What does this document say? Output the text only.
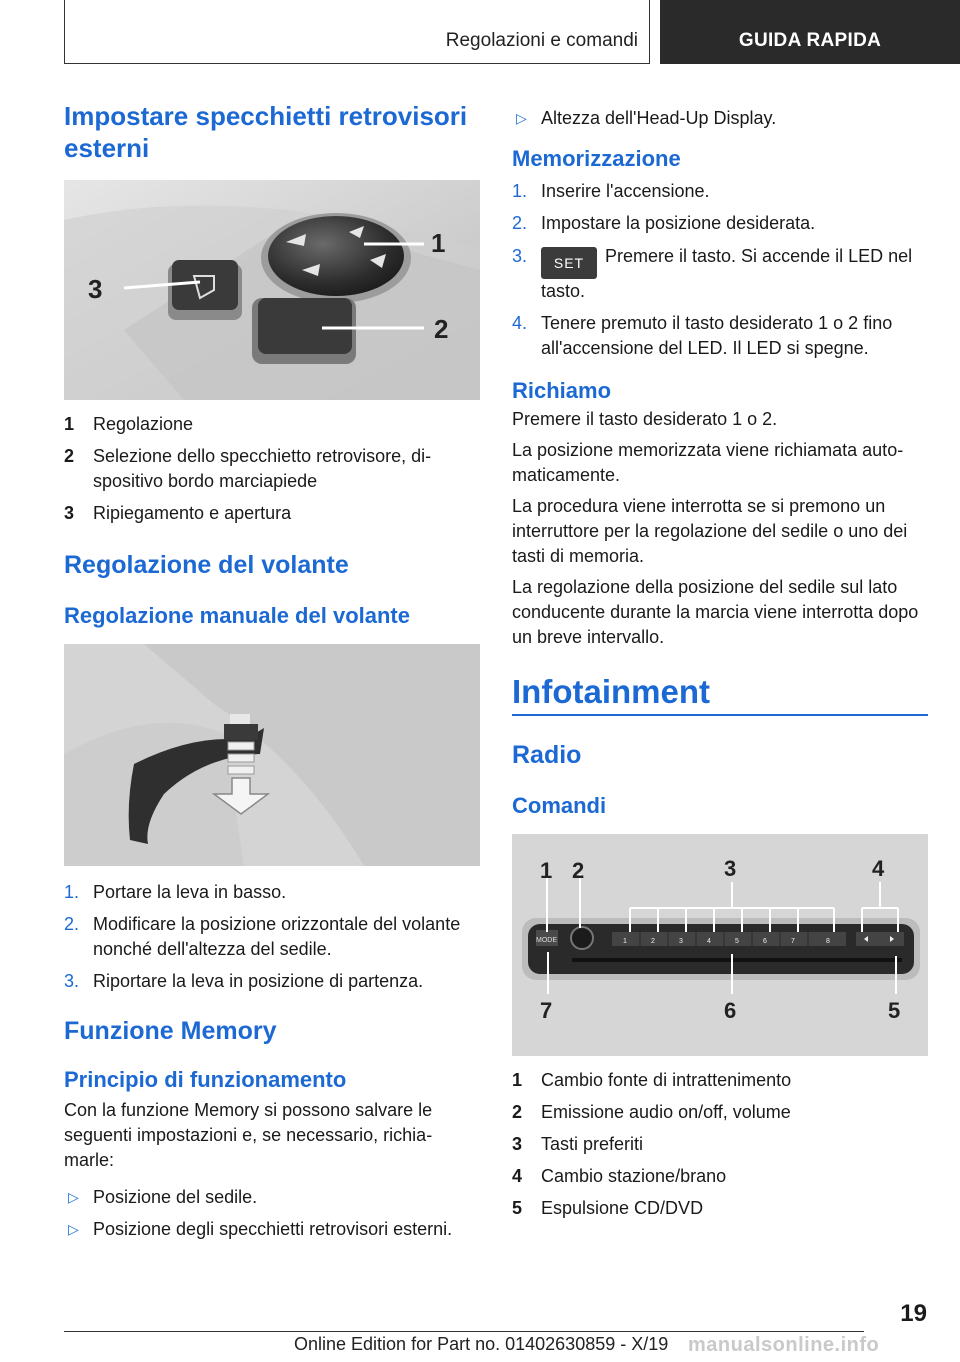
Regolazioni e comandi	GUIDA RAPIDA
Impostare specchietti retrovisori esterni
1
2
3
1	Regolazione
2	Selezione dello specchietto retrovisore, di-spositivo bordo marciapiede
3	Ripiegamento e apertura
Regolazione del volante
Regolazione manuale del volante
1. Portare la leva in basso.
2. Modificare la posizione orizzontale del volante nonché dell'altezza del sedile.
3. Riportare la leva in posizione di partenza.
Funzione Memory
Principio di funzionamento

Con la funzione Memory si possono salvare le seguenti impostazioni e, se necessario, richia-marle:

▷ Posizione del sedile.
▷ Posizione degli specchietti retrovisori esterni.
▷ Altezza dell'Head-Up Display.
Memorizzazione
1. Inserire l'accensione.
2. Impostare la posizione desiderata.
3.	SET Premere il tasto. Si accende il LED nel tasto.
4. Tenere premuto il tasto desiderato 1 o 2 fino all'accensione del LED. Il LED si spegne.
Richiamo

Premere il tasto desiderato 1 o 2.

La posizione memorizzata viene richiamata auto-maticamente.

La procedura viene interrotta se si premono un interruttore per la regolazione del sedile o uno dei tasti di memoria.

La regolazione della posizione del sedile sul lato conducente durante la marcia viene interrotta dopo un breve intervallo.

Infotainment
Radio
Comandi
MODE	1	2	3	4	5	6	7	8
1 2	3	4
5
6
7
1	Cambio fonte di intrattenimento
2	Emissione audio on/off, volume
3	Tasti preferiti
4	Cambio stazione/brano
5	Espulsione CD/DVD
19
Online Edition for Part no. 01402630859 - X/19 manualsonline.info
